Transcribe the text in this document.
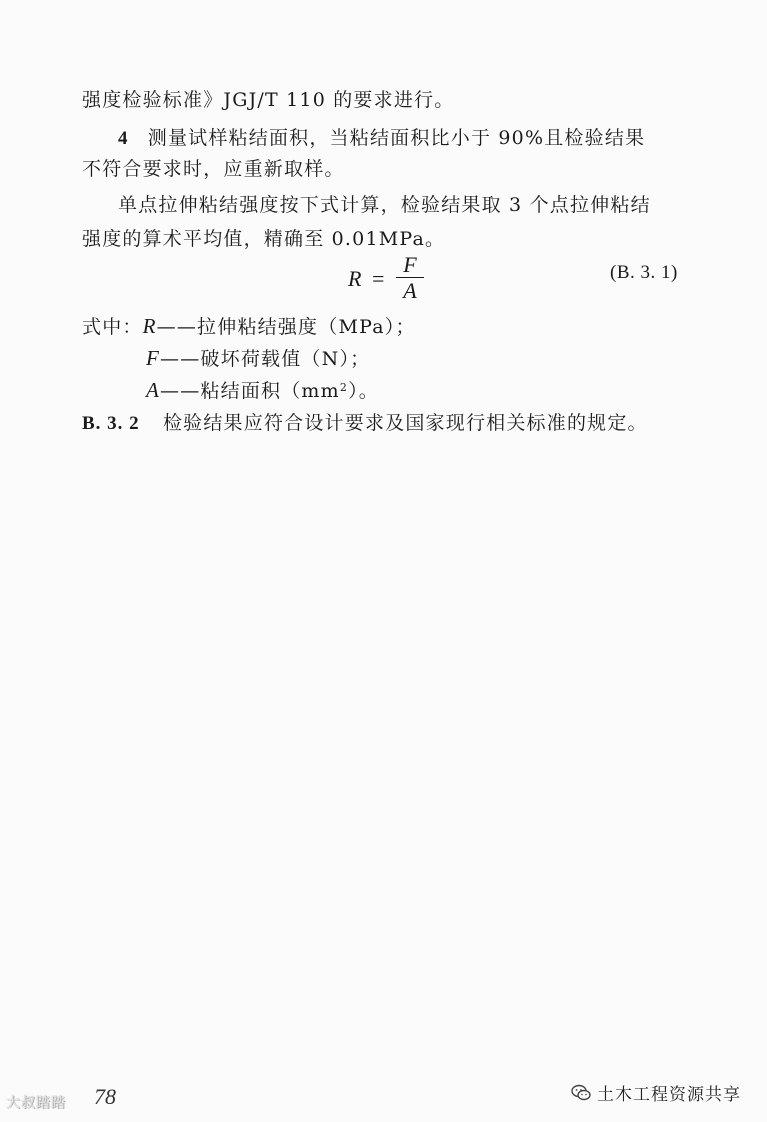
强度检验标准》JGJ/T 110 的要求进行。
4 测量试样粘结面积，当粘结面积比小于 90%且检验结果
不符合要求时，应重新取样。
单点拉伸粘结强度按下式计算，检验结果取 3 个点拉伸粘结
强度的算术平均值，精确至 0.01MPa。
R =
F
A
(B. 3. 1)
式中：R——拉伸粘结强度（MPa）；
F——破坏荷载值（N）；
A——粘结面积$(mm^2)$。
B. 3. 2 检验结果应符合设计要求及国家现行相关标准的规定。
78
大叔踏踏	土木工程资源共享
